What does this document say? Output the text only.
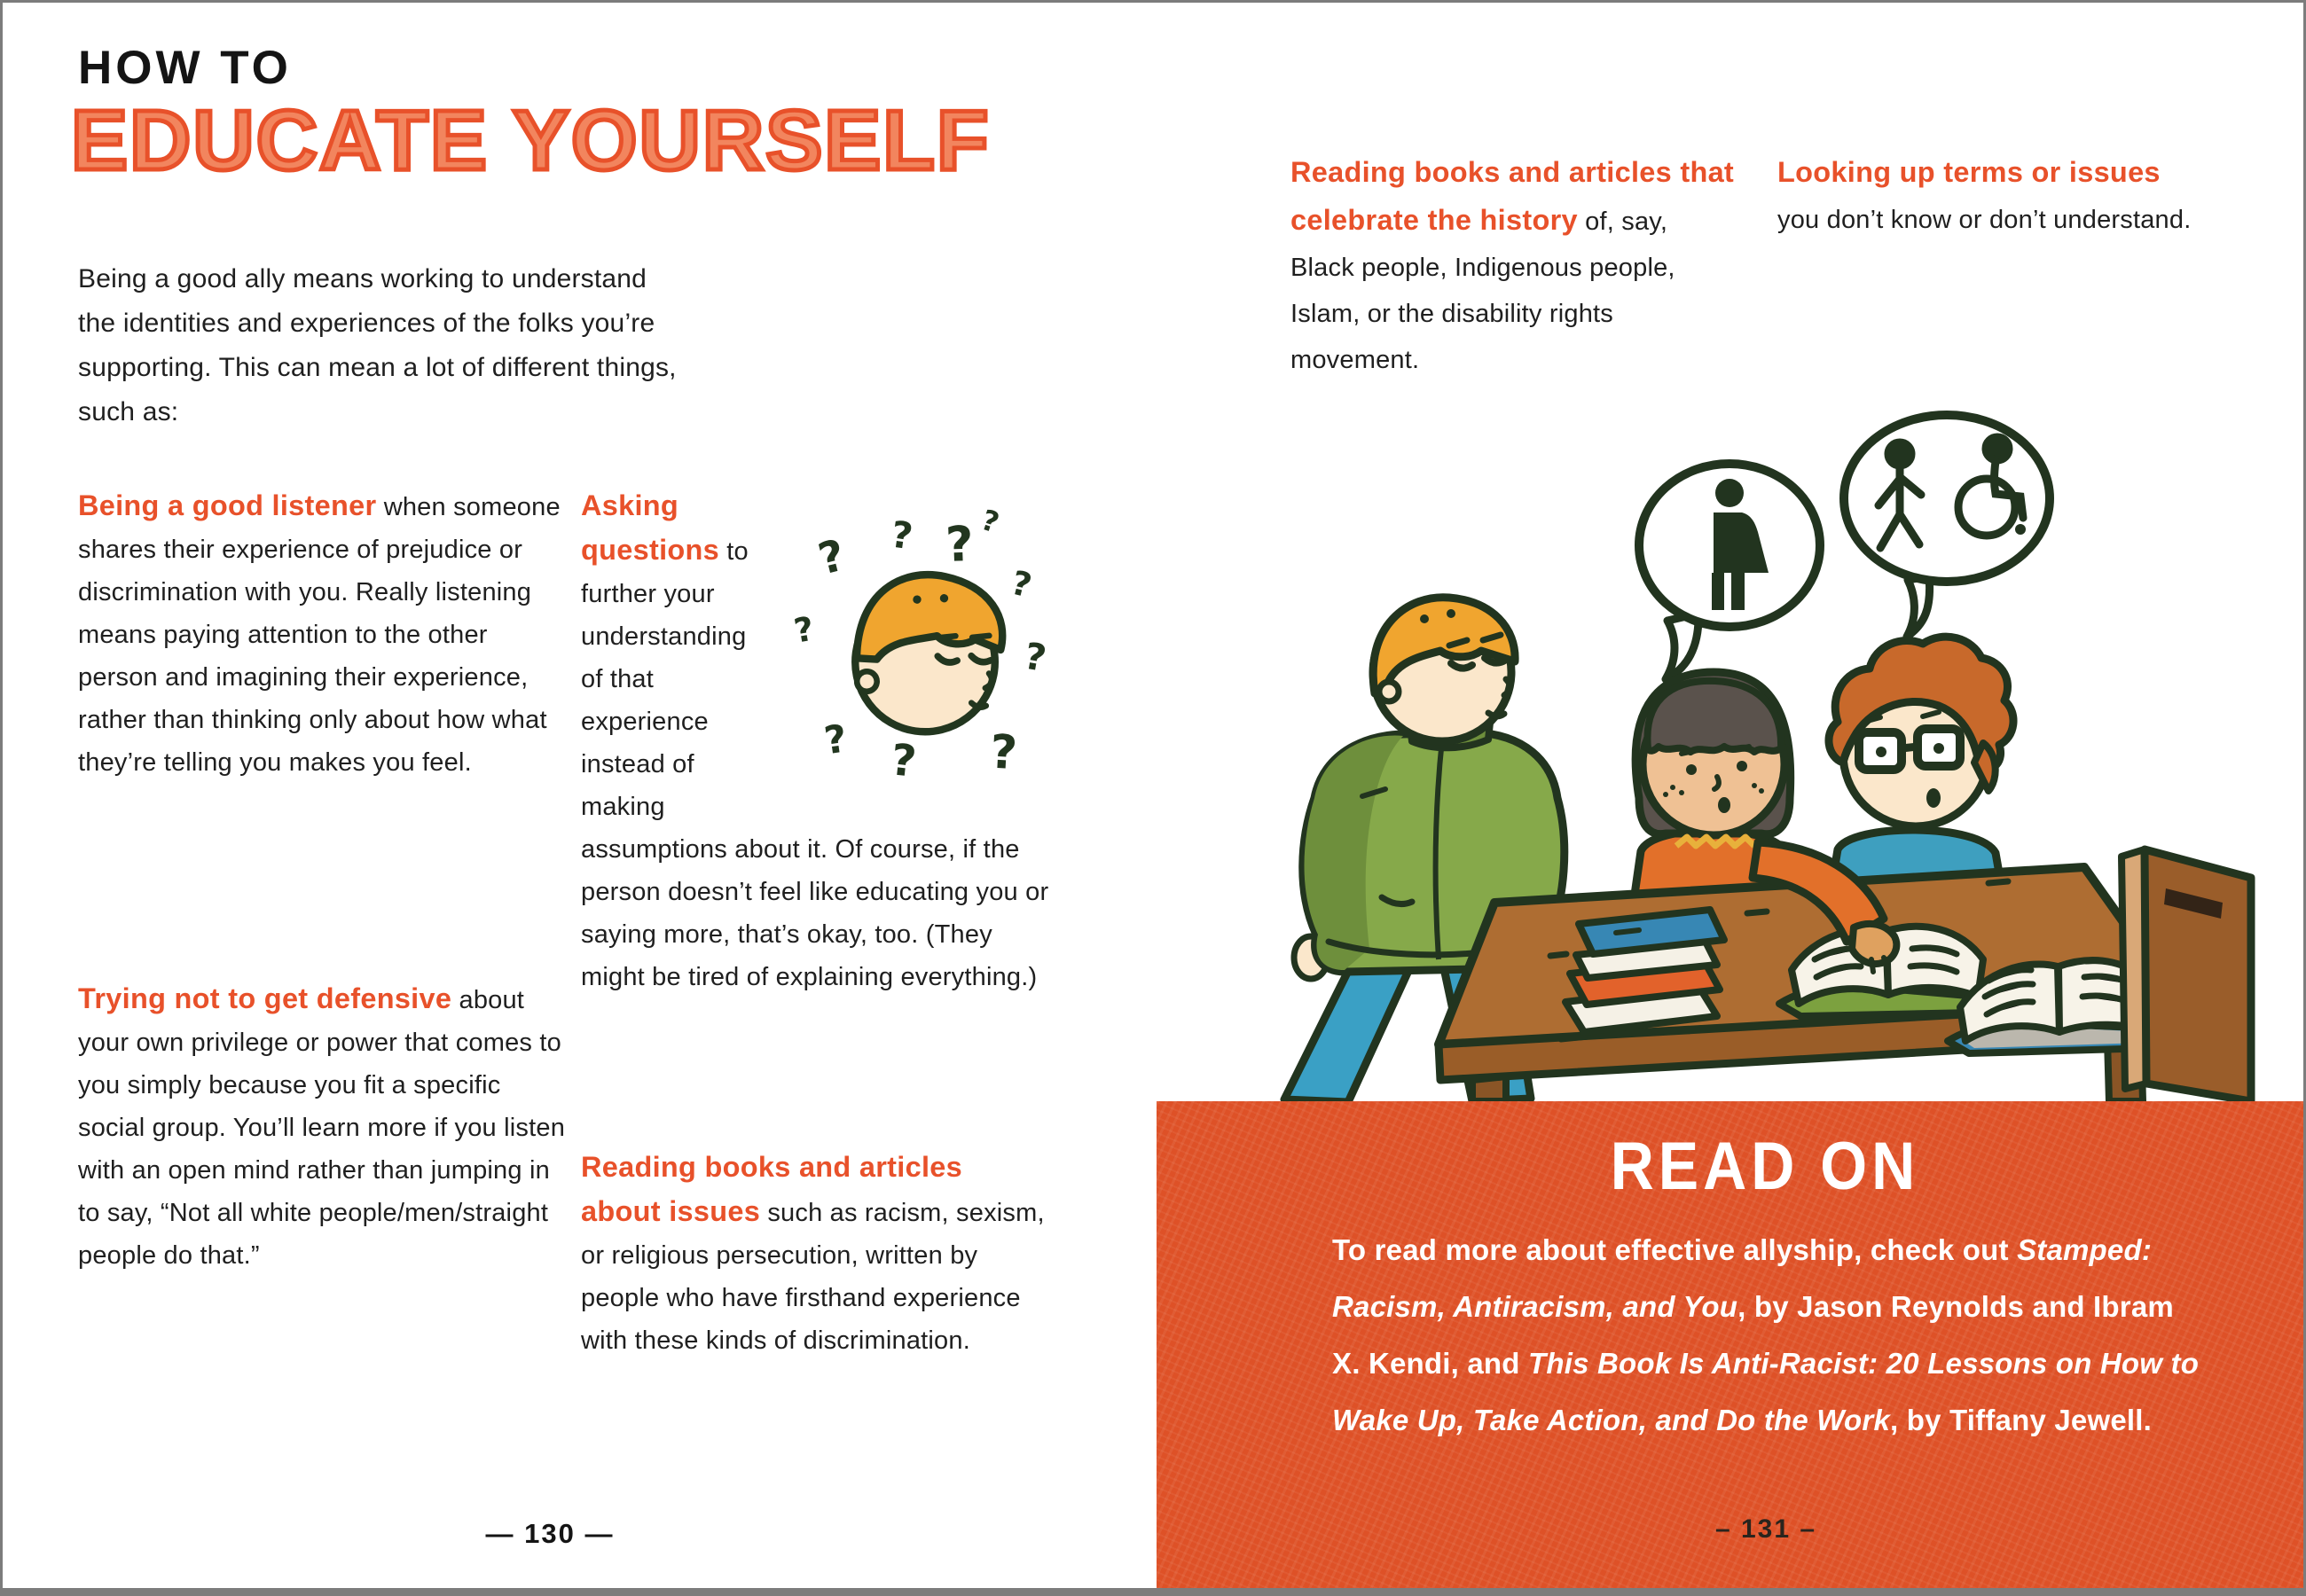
HOW TO
EDUCATE YOURSELF
Being a good ally means working to understand the identities and experiences of the folks you’re supporting. This can mean a lot of different things, such as:
Being a good listener when someone shares their experience of prejudice or discrimination with you. Really listening means paying attention to the other person and imagining their experience, rather than thinking only about how what they’re telling you makes you feel.
Trying not to get defensive about your own privilege or power that comes to you simply because you fit a specific social group. You’ll learn more if you listen with an open mind rather than jumping in to say, “Not all white people/men/straight people do that.”
? ? ?
?
?
?
? ? ?
?
Asking questions to further your understanding of that experience instead of making assumptions about it. Of course, if the person doesn’t feel like educating you or saying more, that’s okay, too. (They might be tired of explaining everything.)
Reading books and articles about issues such as racism, sexism, or religious persecution, written by people who have firsthand experience with these kinds of discrimination.
— 130 —
Reading books and articles that celebrate the history of, say, Black people, Indigenous people, Islam, or the disability rights movement.
Looking up terms or issues you don’t know or don’t understand.
READ ON
To read more about effective allyship, check out Stamped: Racism, Antiracism, and You, by Jason Reynolds and Ibram X. Kendi, and This Book Is Anti-Racist: 20 Lessons on How to Wake Up, Take Action, and Do the Work, by Tiffany Jewell.
– 131 –
